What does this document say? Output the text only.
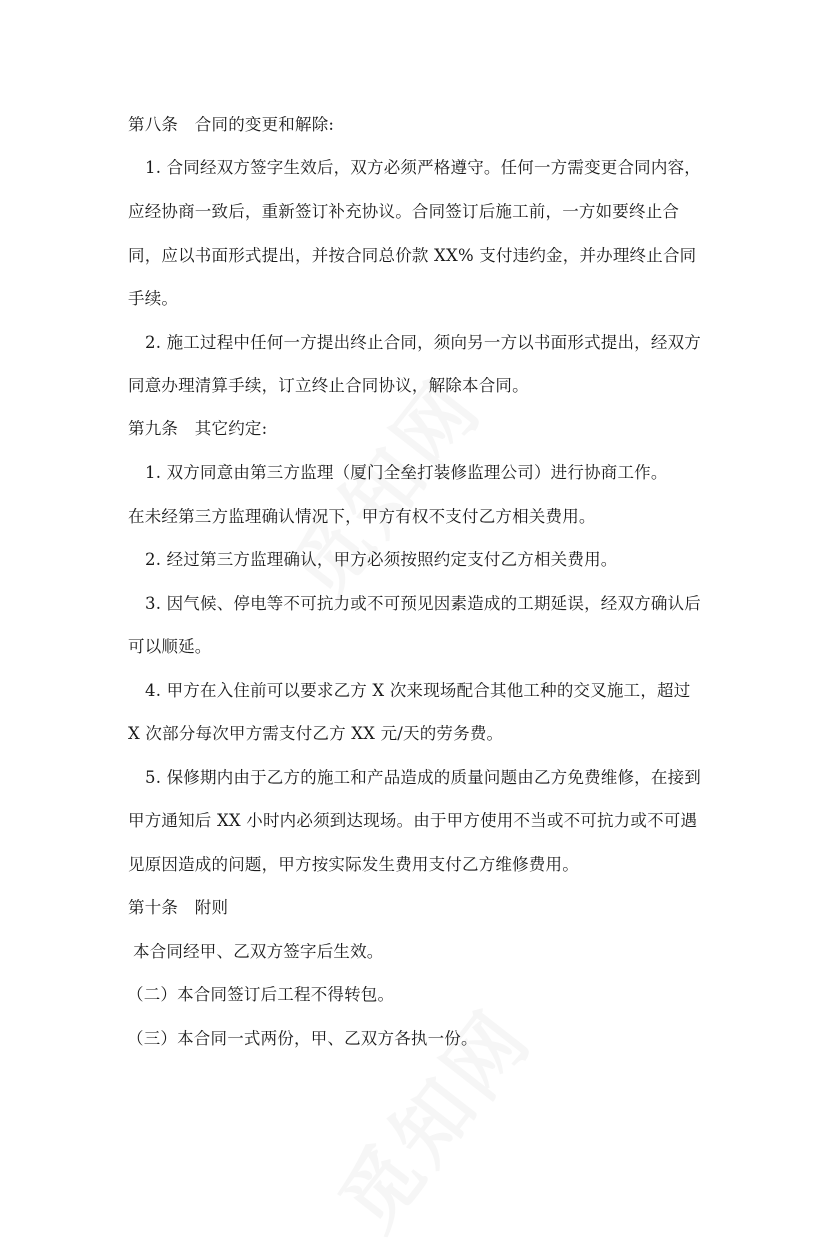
第八条　合同的变更和解除:
1. 合同经双方签字生效后，双方必须严格遵守。任何一方需变更合同内容，
应经协商一致后，重新签订补充协议。合同签订后施工前，一方如要终止合
同，应以书面形式提出，并按合同总价款 XX% 支付违约金，并办理终止合同
手续。
2. 施工过程中任何一方提出终止合同，须向另一方以书面形式提出，经双方
同意办理清算手续，订立终止合同协议，解除本合同。
第九条　其它约定:
1. 双方同意由第三方监理（厦门全垒打装修监理公司）进行协商工作。
在未经第三方监理确认情况下，甲方有权不支付乙方相关费用。
2. 经过第三方监理确认，甲方必须按照约定支付乙方相关费用。
3. 因气候、停电等不可抗力或不可预见因素造成的工期延误，经双方确认后
可以顺延。
4. 甲方在入住前可以要求乙方 X 次来现场配合其他工种的交叉施工，超过
X 次部分每次甲方需支付乙方 XX 元/天的劳务费。
5. 保修期内由于乙方的施工和产品造成的质量问题由乙方免费维修，在接到
甲方通知后 XX 小时内必须到达现场。由于甲方使用不当或不可抗力或不可遇
见原因造成的问题，甲方按实际发生费用支付乙方维修费用。
第十条　附则
本合同经甲、乙双方签字后生效。
（二）本合同签订后工程不得转包。
（三）本合同一式两份，甲、乙双方各执一份。
